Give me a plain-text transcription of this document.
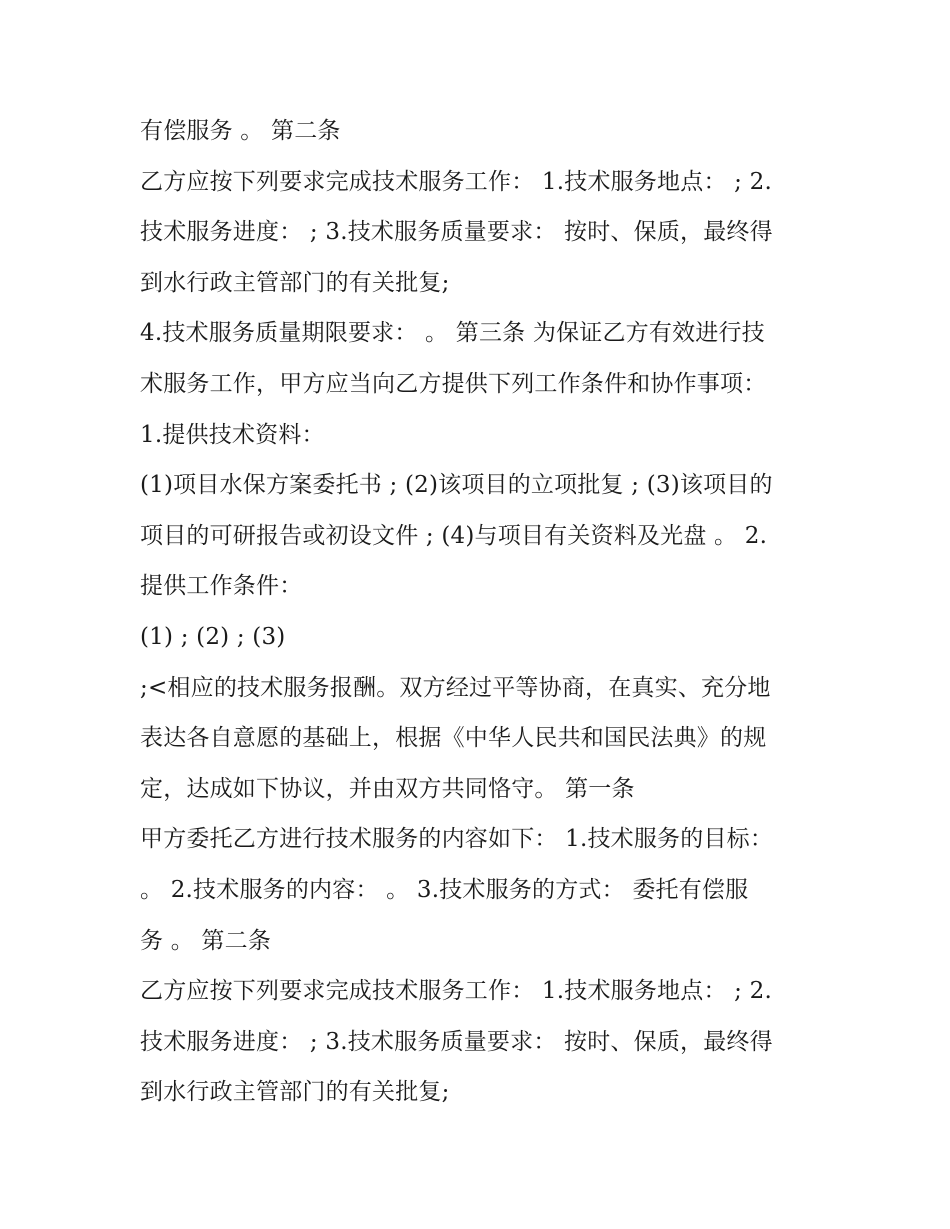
有偿服务 。 第二条
乙方应按下列要求完成技术服务工作： 1.技术服务地点： ; 2.
技术服务进度： ; 3.技术服务质量要求： 按时、保质，最终得
到水行政主管部门的有关批复;
4.技术服务质量期限要求： 。 第三条 为保证乙方有效进行技
术服务工作，甲方应当向乙方提供下列工作条件和协作事项：
1.提供技术资料：
(1)项目水保方案委托书 ; (2)该项目的立项批复 ; (3)该项目的
项目的可研报告或初设文件 ; (4)与项目有关资料及光盘 。 2.
提供工作条件：
(1) ; (2) ; (3)
;<相应的技术服务报酬。双方经过平等协商，在真实、充分地
表达各自意愿的基础上，根据《中华人民共和国民法典》的规
定，达成如下协议，并由双方共同恪守。 第一条
甲方委托乙方进行技术服务的内容如下： 1.技术服务的目标：
。 2.技术服务的内容： 。 3.技术服务的方式： 委托有偿服
务 。 第二条
乙方应按下列要求完成技术服务工作： 1.技术服务地点： ; 2.
技术服务进度： ; 3.技术服务质量要求： 按时、保质，最终得
到水行政主管部门的有关批复;
